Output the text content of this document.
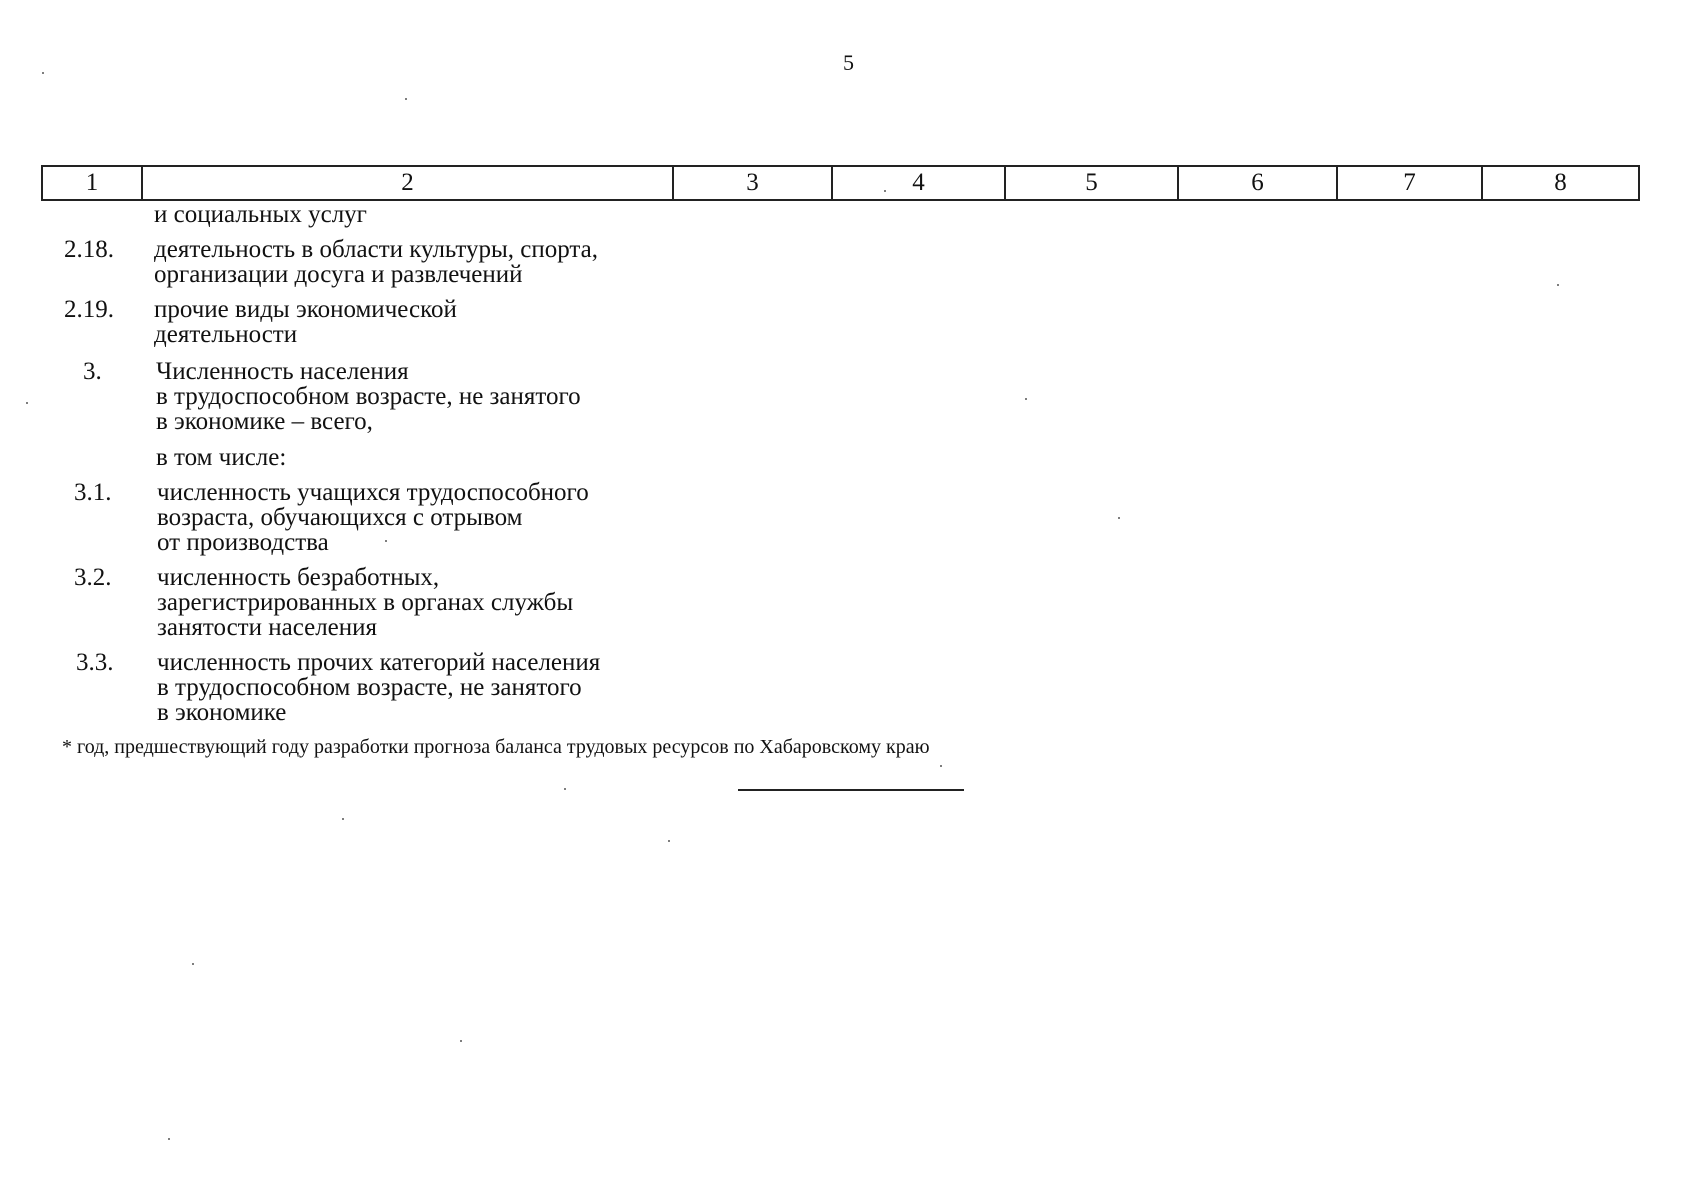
5
1	2	3	4	5	6	7	8
и социальных услуг
2.18. деятельность в области культуры, спорта,
организации досуга и развлечений
2.19. прочие виды экономической
деятельности
3. Численность населения
в трудоспособном возрасте, не занятого
в экономике – всего,
в том числе:
3.1. численность учащихся трудоспособного
возраста, обучающихся с отрывом
от производства
3.2. численность безработных,
зарегистрированных в органах службы
занятости населения
3.3. численность прочих категорий населения
в трудоспособном возрасте, не занятого
в экономике
* год, предшествующий году разработки прогноза баланса трудовых ресурсов по Хабаровскому краю
